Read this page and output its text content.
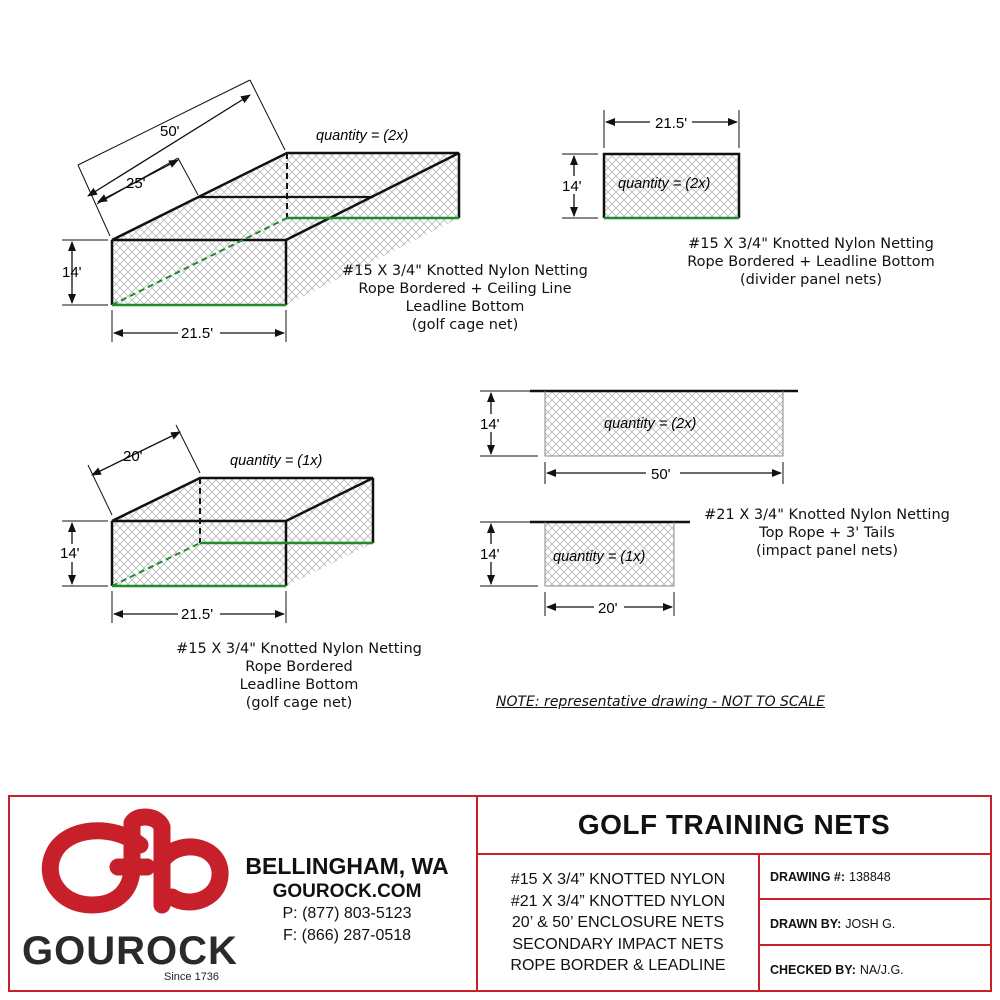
50'
25'
14'
21.5'
quantity = (2x)
21.5'
14'	quantity = (2x)
20'
14'
21.5'
quantity = (1x)
14'
50'
quantity = (2x)
14'
20'
quantity = (1x)
#15 X 3/4" Knotted Nylon Netting
Rope Bordered + Ceiling Line
Leadline Bottom
(golf cage net)
#15 X 3/4" Knotted Nylon Netting
Rope Bordered + Leadline Bottom
(divider panel nets)
#15 X 3/4" Knotted Nylon Netting
Rope Bordered
Leadline Bottom
(golf cage net)
#21 X 3/4" Knotted Nylon Netting
Top Rope + 3' Tails
(impact panel nets)
NOTE: representative drawing - NOT TO SCALE
GOUROCK
Since 1736
BELLINGHAM, WA
GOUROCK.COM
P: (877) 803-5123
F: (866) 287-0518
GOLF TRAINING NETS
#15 X 3/4” KNOTTED NYLON
#21 X 3/4” KNOTTED NYLON
20’ & 50’ ENCLOSURE NETS
SECONDARY IMPACT NETS
ROPE BORDER & LEADLINE
DRAWING #: 138848
DRAWN BY: JOSH G.
CHECKED BY: NA/J.G.
